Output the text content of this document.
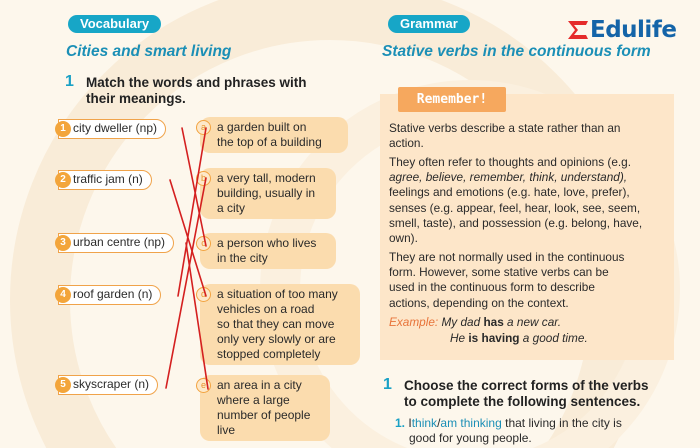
Vocabulary
Cities and smart living
1 Match the words and phrases with their meanings.
city dweller (np)
1
traffic jam (n)
2
urban centre (np)
3
roof garden (n)
4
skyscraper (n)
5
a garden built on
the top of a building
a
a very tall, modern
building, usually in
a city
b
a person who lives
in the city
c
a situation of too many
vehicles on a road
so that they can move
only very slowly or are
stopped completely
d
an area in a city
where a large
number of people
live
e
Grammar
Stative verbs in the continuous form
Edulife
Remember!
Stative verbs describe a state rather than an
action.
They often refer to thoughts and opinions (e.g.
agree, believe, remember, think, understand),
feelings and emotions (e.g. hate, love, prefer),
senses (e.g. appear, feel, hear, look, see, seem,
smell, taste), and possession (e.g. belong, have,
own).
They are not normally used in the continuous
form. However, some stative verbs can be
used in the continuous form to describe
actions, depending on the context.
Example: My dad has a new car.
He is having a good time.
1 Choose the correct forms of the verbs
to complete the following sentences.
1. Ithink/am thinking that living in the city is
good for young people.
